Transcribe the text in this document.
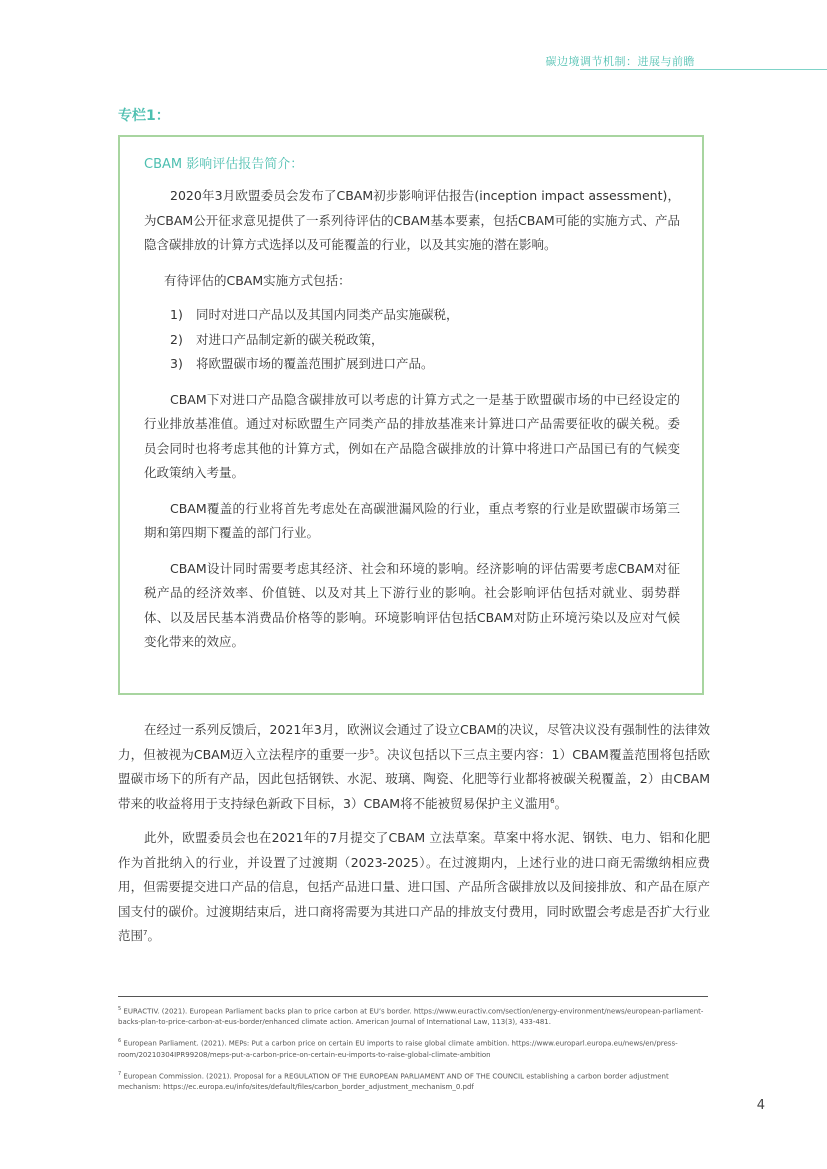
碳边境调节机制：进展与前瞻
专栏1：
CBAM 影响评估报告简介：

2020年3月欧盟委员会发布了CBAM初步影响评估报告(inception impact assessment)，为CBAM公开征求意见提供了一系列待评估的CBAM基本要素，包括CBAM可能的实施方式、产品隐含碳排放的计算方式选择以及可能覆盖的行业，以及其实施的潜在影响。

有待评估的CBAM实施方式包括：

1) 同时对进口产品以及其国内同类产品实施碳税，
2) 对进口产品制定新的碳关税政策，
3) 将欧盟碳市场的覆盖范围扩展到进口产品。

CBAM下对进口产品隐含碳排放可以考虑的计算方式之一是基于欧盟碳市场的中已经设定的行业排放基准值。通过对标欧盟生产同类产品的排放基准来计算进口产品需要征收的碳关税。委员会同时也将考虑其他的计算方式，例如在产品隐含碳排放的计算中将进口产品国已有的气候变化政策纳入考量。

CBAM覆盖的行业将首先考虑处在高碳泄漏风险的行业，重点考察的行业是欧盟碳市场第三期和第四期下覆盖的部门行业。

CBAM设计同时需要考虑其经济、社会和环境的影响。经济影响的评估需要考虑CBAM对征税产品的经济效率、价值链、以及对其上下游行业的影响。社会影响评估包括对就业、弱势群体、以及居民基本消费品价格等的影响。环境影响评估包括CBAM对防止环境污染以及应对气候变化带来的效应。

在经过一系列反馈后，2021年3月，欧洲议会通过了设立CBAM的决议，尽管决议没有强制性的法律效力，但被视为CBAM迈入立法程序的重要一步$^5$。决议包括以下三点主要内容：1）CBAM覆盖范围将包括欧盟碳市场下的所有产品，因此包括钢铁、水泥、玻璃、陶瓷、化肥等行业都将被碳关税覆盖，2）由CBAM带来的收益将用于支持绿色新政下目标，3）CBAM将不能被贸易保护主义滥用$^6$。

此外，欧盟委员会也在2021年的7月提交了CBAM 立法草案。草案中将水泥、钢铁、电力、铝和化肥作为首批纳入的行业，并设置了过渡期（2023-2025）。在过渡期内，上述行业的进口商无需缴纳相应费用，但需要提交进口产品的信息，包括产品进口量、进口国、产品所含碳排放以及间接排放、和产品在原产国支付的碳价。过渡期结束后，进口商将需要为其进口产品的排放支付费用，同时欧盟会考虑是否扩大行业范围$^7$。

$^5$ EURACTIV. (2021). European Parliament backs plan to price carbon at EU’s border. https://www.euractiv.com/section/energy-environment/news/european-parliament-backs-plan-to-price-carbon-at-eus-border/enhanced climate action. American Journal of International Law, 113(3), 433-481.
$^6$ European Parliament. (2021). MEPs: Put a carbon price on certain EU imports to raise global climate ambition. https://www.europarl.europa.eu/news/en/press-room/20210304IPR99208/meps-put-a-carbon-price-on-certain-eu-imports-to-raise-global-climate-ambition
$^7$ European Commission. (2021). Proposal for a REGULATION OF THE EUROPEAN PARLIAMENT AND OF THE COUNCIL establishing a carbon border adjustment mechanism: https://ec.europa.eu/info/sites/default/files/carbon_border_adjustment_mechanism_0.pdf
4
